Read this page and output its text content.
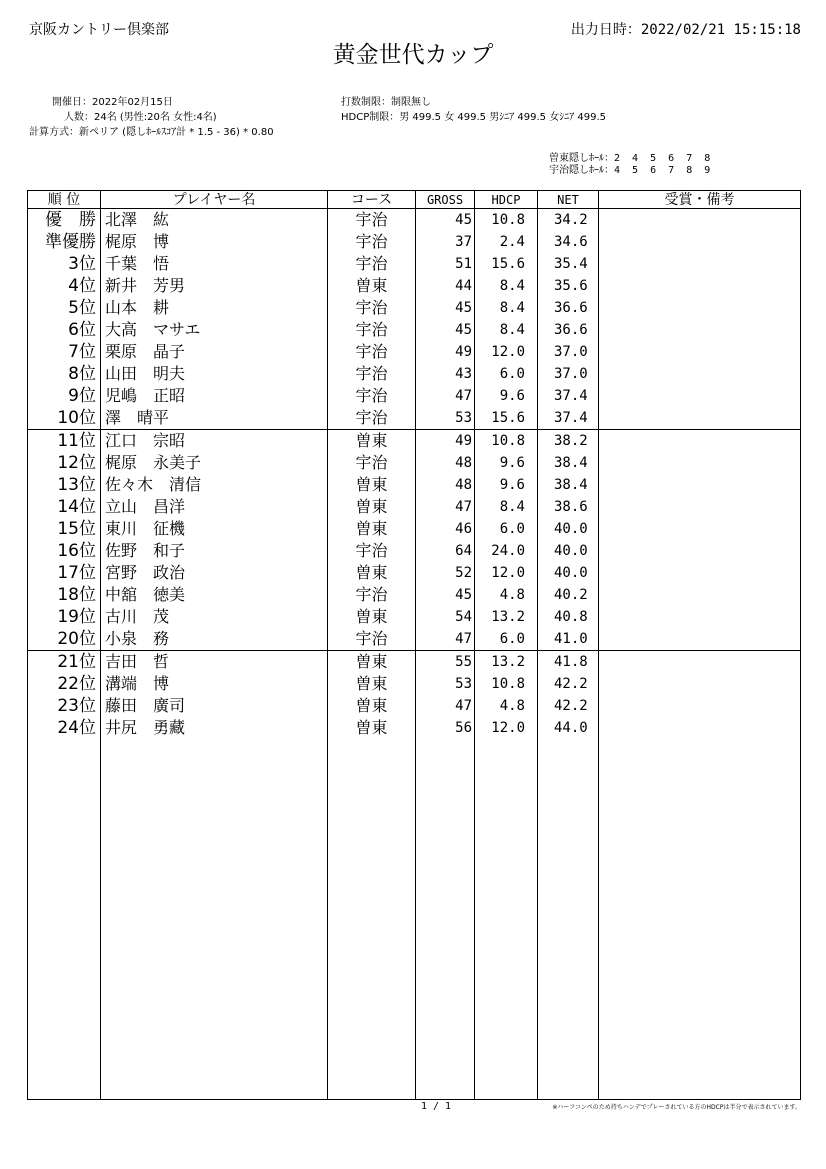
京阪カントリー倶楽部	出力日時：2022/02/21 15:15:18
黄金世代カップ
開催日：2022年02月15日
人数：24名 (男性:20名 女性:4名)
計算方式：新ペリア (隠しﾎｰﾙｽｺｱ計 * 1.5 - 36) * 0.80
打数制限：制限無し
HDCP制限：男 499.5 女 499.5 男ｼﾆｱ 499.5 女ｼﾆｱ 499.5
曽東隠しﾎｰﾙ：2  4  5  6  7  8
宇治隠しﾎｰﾙ：4  5  6  7  8  9
順 位	プレイヤー名	コース	GROSS	HDCP	NET	受賞・備考
優　勝	北澤　紘	宇治	45	10.8	34.2	
準優勝	梶原　博	宇治	37	2.4	34.6	
3位	千葉　悟	宇治	51	15.6	35.4	
4位	新井　芳男	曽東	44	8.4	35.6	
5位	山本　耕	宇治	45	8.4	36.6	
6位	大高　マサエ	宇治	45	8.4	36.6	
7位	栗原　晶子	宇治	49	12.0	37.0	
8位	山田　明夫	宇治	43	6.0	37.0	
9位	児嶋　正昭	宇治	47	9.6	37.4	
10位	澤　晴平	宇治	53	15.6	37.4	
11位	江口　宗昭	曽東	49	10.8	38.2	
12位	梶原　永美子	宇治	48	9.6	38.4	
13位	佐々木　清信	曽東	48	9.6	38.4	
14位	立山　昌洋	曽東	47	8.4	38.6	
15位	東川　征機	曽東	46	6.0	40.0	
16位	佐野　和子	宇治	64	24.0	40.0	
17位	宮野　政治	曽東	52	12.0	40.0	
18位	中舘　徳美	宇治	45	4.8	40.2	
19位	古川　茂	曽東	54	13.2	40.8	
20位	小泉　務	宇治	47	6.0	41.0	
21位	吉田　哲	曽東	55	13.2	41.8	
22位	溝端　博	曽東	53	10.8	42.2	
23位	藤田　廣司	曽東	47	4.8	42.2	
24位	井尻　勇藏	曽東	56	12.0	44.0	

1 / 1	※ハーフコンペのため持ちハンデでプレーされている方のHDCPは半分で表示されています。
